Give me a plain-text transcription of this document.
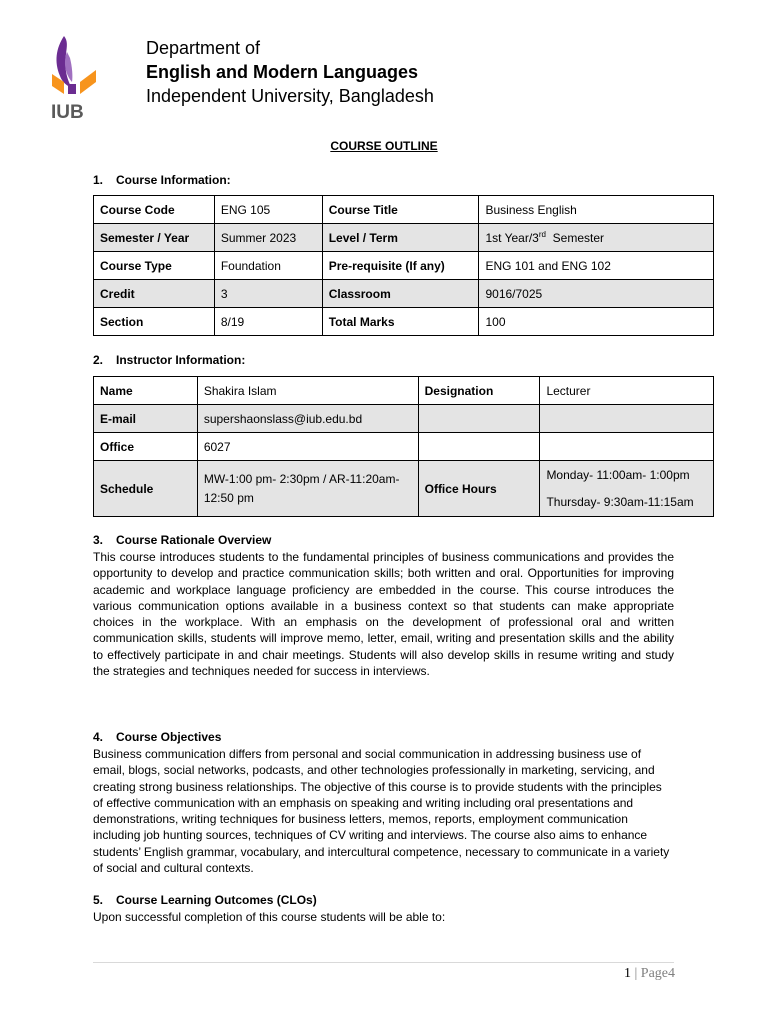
IUB
Department of
English and Modern Languages
Independent University, Bangladesh
COURSE OUTLINE
1. Course Information:
Course Code	ENG 105	Course Title	Business English
Semester / Year	Summer 2023	Level / Term	1st Year/3rd  Semester
Course Type	Foundation	Pre-requisite (If any)	ENG 101 and ENG 102
Credit	3	Classroom	9016/7025
Section	8/19	Total Marks	100
2. Instructor Information:
Name	Shakira Islam	Designation	Lecturer
E-mail	supershaonslass@iub.edu.bd		
Office	6027		
Schedule	MW-1:00 pm- 2:30pm / AR-11:20am- 12:50 pm	Office Hours	Monday- 11:00am- 1:00pm
Thursday- 9:30am-11:15am
3. Course Rationale Overview
This course introduces students to the fundamental principles of business communications and provides the opportunity to develop and practice communication skills; both written and oral. Opportunities for improving academic and workplace language proficiency are embedded in the course. This course introduces the various communication options available in a business context so that students can make appropriate choices in the workplace. With an emphasis on the development of professional oral and written communication skills, students will improve memo, letter, email, writing and presentation skills and the ability to effectively participate in and chair meetings. Students will also develop skills in resume writing and study the strategies and techniques needed for success in interviews.
4. Course Objectives
Business communication differs from personal and social communication in addressing business use of email, blogs, social networks, podcasts, and other technologies professionally in marketing, servicing, and creating strong business relationships. The objective of this course is to provide students with the principles of effective communication with an emphasis on speaking and writing including oral presentations and demonstrations, writing techniques for business letters, memos, reports, employment communication including job hunting sources, techniques of CV writing and interviews. The course also aims to enhance students’ English grammar, vocabulary, and intercultural competence, necessary to communicate in a variety of social and cultural contexts.
5. Course Learning Outcomes (CLOs)
Upon successful completion of this course students will be able to:
1 | Page4
